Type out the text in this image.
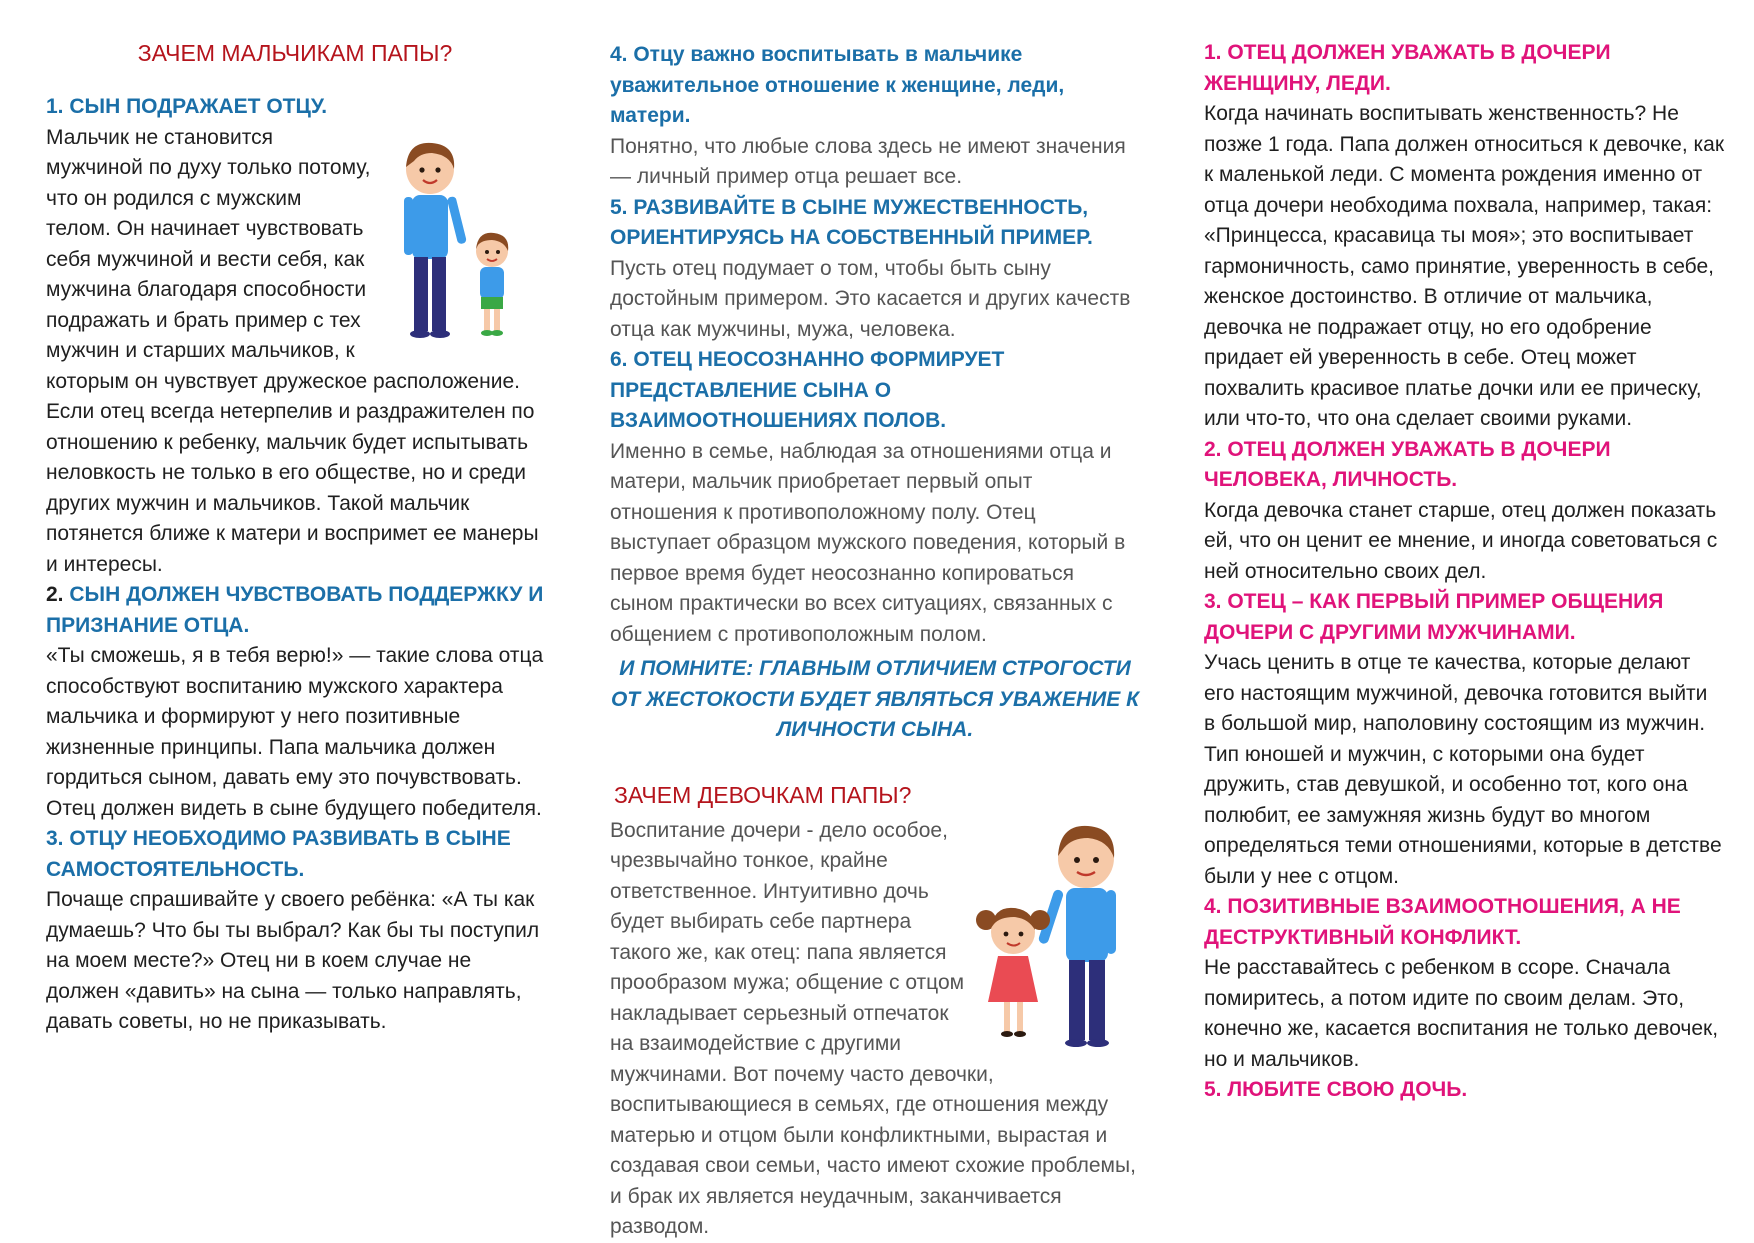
ЗАЧЕМ МАЛЬЧИКАМ ПАПЫ?
1. СЫН ПОДРАЖАЕТ ОТЦУ.

Мальчик не становится мужчиной по духу только потому, что он родился с мужским телом. Он начинает чувствовать себя мужчиной и вести себя, как мужчина благодаря способности подражать и брать пример с тех мужчин и старших мальчиков, к которым он чувствует дружеское расположение.

Если отец всегда нетерпелив и раздражителен по отношению к ребенку, мальчик будет испытывать неловкость не только в его обществе, но и среди других мужчин и мальчиков. Такой мальчик потянется ближе к матери и воспримет ее манеры и интересы.

2. СЫН ДОЛЖЕН ЧУВСТВОВАТЬ ПОДДЕРЖКУ И ПРИЗНАНИЕ ОТЦА.

«Ты сможешь, я в тебя верю!» — такие слова отца способствуют воспитанию мужского характера мальчика и формируют у него позитивные жизненные принципы. Папа мальчика должен гордиться сыном, давать ему это почувствовать. Отец должен видеть в сыне будущего победителя.

3. ОТЦУ НЕОБХОДИМО РАЗВИВАТЬ В СЫНЕ САМОСТОЯТЕЛЬНОСТЬ.

Почаще спрашивайте у своего ребёнка: «А ты как думаешь? Что бы ты выбрал? Как бы ты поступил на моем месте?» Отец ни в коем случае не должен «давить» на сына — только направлять, давать советы, но не приказывать.

4. Отцу важно воспитывать в мальчике уважительное отношение к женщине, леди, матери.

Понятно, что любые слова здесь не имеют значения — личный пример отца решает все.

5. РАЗВИВАЙТЕ В СЫНЕ МУЖЕСТВЕННОСТЬ, ОРИЕНТИРУЯСЬ НА СОБСТВЕННЫЙ ПРИМЕР.

Пусть отец подумает о том, чтобы быть сыну достойным примером. Это касается и других качеств отца как мужчины, мужа, человека.

6. ОТЕЦ НЕОСОЗНАННО ФОРМИРУЕТ ПРЕДСТАВЛЕНИЕ СЫНА О ВЗАИМООТНОШЕНИЯХ ПОЛОВ.

Именно в семье, наблюдая за отношениями отца и матери, мальчик приобретает первый опыт отношения к противоположному полу. Отец выступает образцом мужского поведения, который в первое время будет неосознанно копироваться сыном практически во всех ситуациях, связанных с общением с противоположным полом.

И ПОМНИТЕ: ГЛАВНЫМ ОТЛИЧИЕМ СТРОГОСТИ ОТ ЖЕСТОКОСТИ БУДЕТ ЯВЛЯТЬСЯ УВАЖЕНИЕ К ЛИЧНОСТИ СЫНА.

ЗАЧЕМ ДЕВОЧКАМ ПАПЫ?

Воспитание дочери - дело особое, чрезвычайно тонкое, крайне ответственное. Интуитивно дочь будет выбирать себе партнера такого же, как отец: папа является прообразом мужа; общение с отцом накладывает серьезный отпечаток на взаимодействие с другими мужчинами. Вот почему часто девочки, воспитывающиеся в семьях, где отношения между матерью и отцом были конфликтными, вырастая и создавая свои семьи, часто имеют схожие проблемы, и брак их является неудачным, заканчивается разводом.

1. ОТЕЦ ДОЛЖЕН УВАЖАТЬ В ДОЧЕРИ ЖЕНЩИНУ, ЛЕДИ.

Когда начинать воспитывать женственность? Не позже 1 года. Папа должен относиться к девочке, как к маленькой леди. С момента рождения именно от отца дочери необходима похвала, например, такая: «Принцесса, красавица ты моя»; это воспитывает гармоничность, само принятие, уверенность в себе, женское достоинство. В отличие от мальчика, девочка не подражает отцу, но его одобрение придает ей уверенность в себе. Отец может похвалить красивое платье дочки или ее прическу, или что-то, что она сделает своими руками.

2. ОТЕЦ ДОЛЖЕН УВАЖАТЬ В ДОЧЕРИ ЧЕЛОВЕКА, ЛИЧНОСТЬ.

Когда девочка станет старше, отец должен показать ей, что он ценит ее мнение, и иногда советоваться с ней относительно своих дел.

3. ОТЕЦ – КАК ПЕРВЫЙ ПРИМЕР ОБЩЕНИЯ ДОЧЕРИ С ДРУГИМИ МУЖЧИНАМИ.

Учась ценить в отце те качества, которые делают его настоящим мужчиной, девочка готовится выйти в большой мир, наполовину состоящим из мужчин. Тип юношей и мужчин, с которыми она будет дружить, став девушкой, и особенно тот, кого она полюбит, ее замужняя жизнь будут во многом определяться теми отношениями, которые в детстве были у нее с отцом.

4. ПОЗИТИВНЫЕ ВЗАИМООТНОШЕНИЯ, А НЕ ДЕСТРУКТИВНЫЙ КОНФЛИКТ.

Не расставайтесь с ребенком в ссоре. Сначала помиритесь, а потом идите по своим делам. Это, конечно же, касается воспитания не только девочек, но и мальчиков.

5. ЛЮБИТЕ СВОЮ ДОЧЬ.
